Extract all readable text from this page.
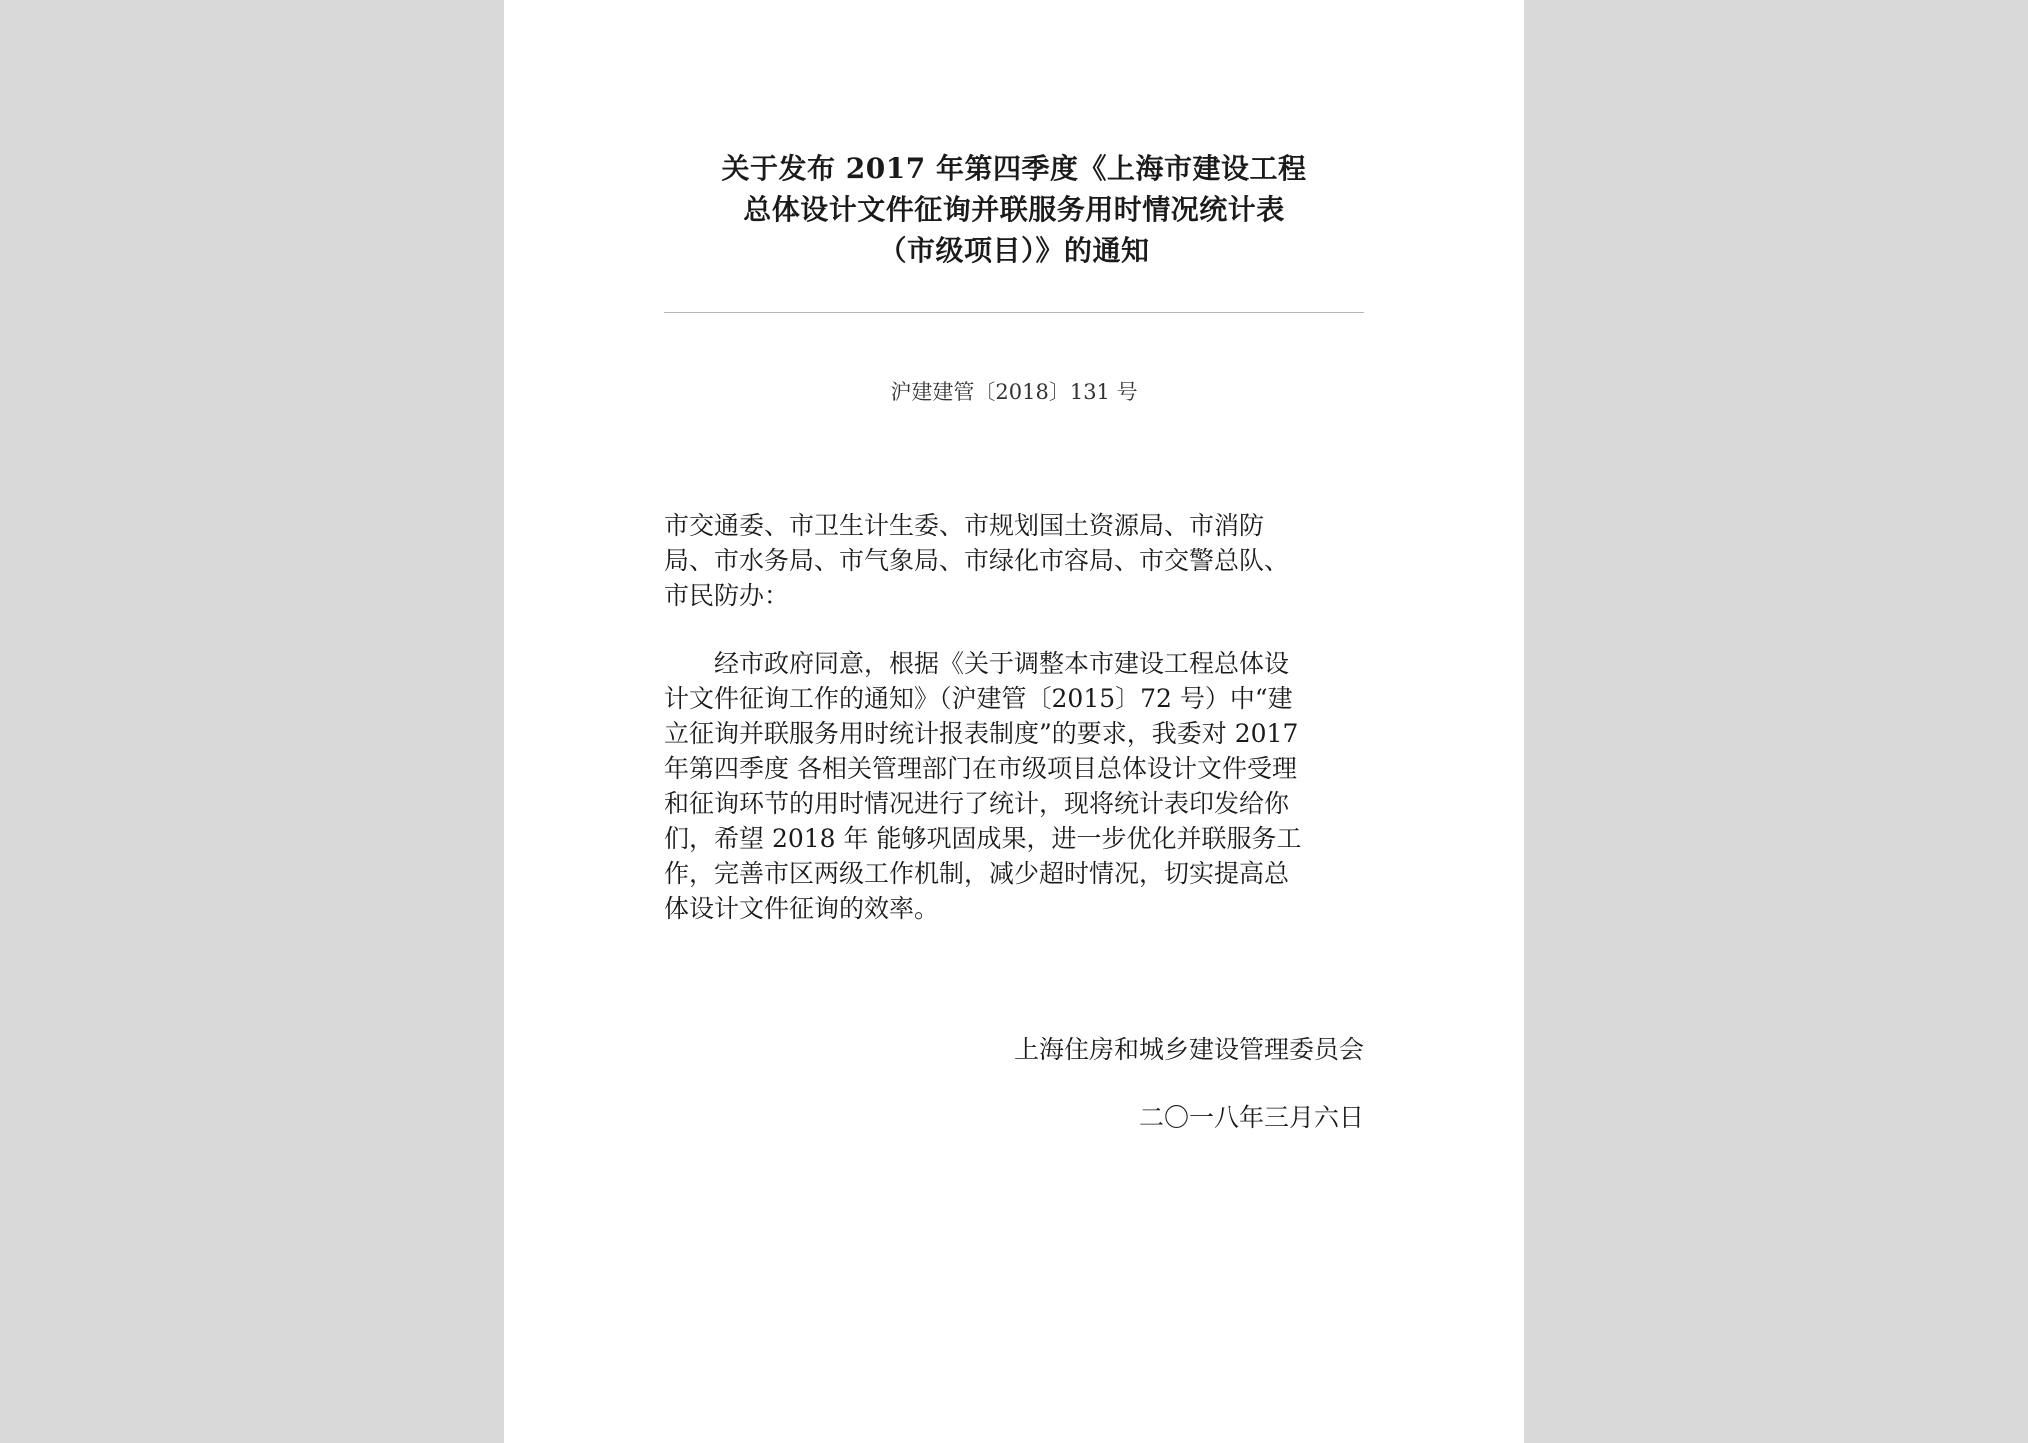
关于发布 2017 年第四季度《上海市建设工程
总体设计文件征询并联服务用时情况统计表
（市级项目）》的通知
沪建建管〔2018〕131 号
市交通委、市卫生计生委、市规划国土资源局、市消防
局、市水务局、市气象局、市绿化市容局、市交警总队、
市民防办：
　　经市政府同意，根据《关于调整本市建设工程总体设
计文件征询工作的通知》（沪建管〔2015〕72 号）中“建
立征询并联服务用时统计报表制度”的要求，我委对 2017
年第四季度 各相关管理部门在市级项目总体设计文件受理
和征询环节的用时情况进行了统计，现将统计表印发给你
们，希望 2018 年 能够巩固成果，进一步优化并联服务工
作，完善市区两级工作机制，减少超时情况，切实提高总
体设计文件征询的效率。
上海住房和城乡建设管理委员会
二〇一八年三月六日
